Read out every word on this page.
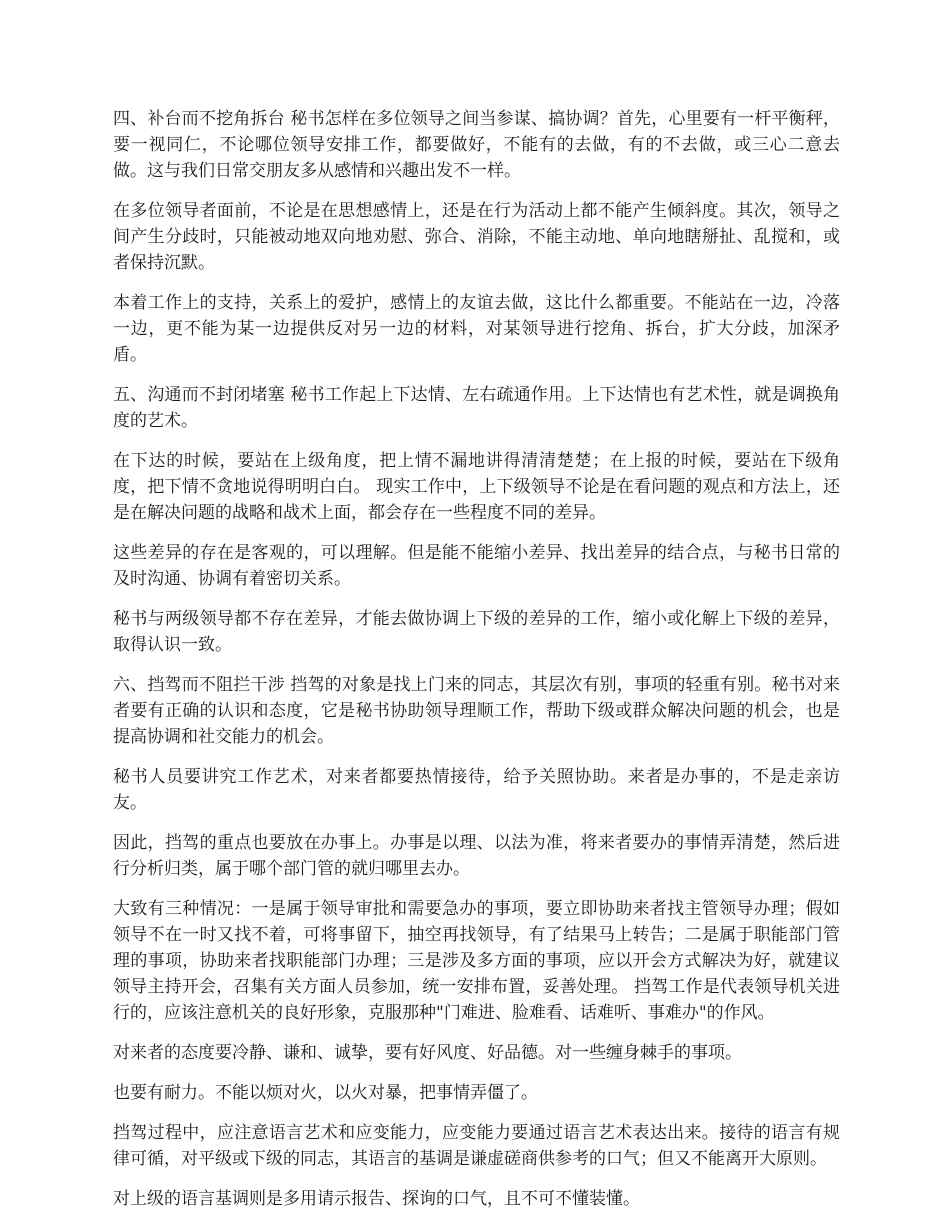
四、补台而不挖角拆台 秘书怎样在多位领导之间当参谋、搞协调？首先，心里要有一杆平衡秤，要一视同仁，不论哪位领导安排工作，都要做好，不能有的去做，有的不去做，或三心二意去做。这与我们日常交朋友多从感情和兴趣出发不一样。

在多位领导者面前，不论是在思想感情上，还是在行为活动上都不能产生倾斜度。其次，领导之间产生分歧时，只能被动地双向地劝慰、弥合、消除，不能主动地、单向地瞎掰扯、乱搅和，或者保持沉默。

本着工作上的支持，关系上的爱护，感情上的友谊去做，这比什么都重要。不能站在一边，冷落一边，更不能为某一边提供反对另一边的材料，对某领导进行挖角、拆台，扩大分歧，加深矛盾。

五、沟通而不封闭堵塞 秘书工作起上下达情、左右疏通作用。上下达情也有艺术性，就是调换角度的艺术。

在下达的时候，要站在上级角度，把上情不漏地讲得清清楚楚；在上报的时候，要站在下级角度，把下情不贪地说得明明白白。 现实工作中，上下级领导不论是在看问题的观点和方法上，还是在解决问题的战略和战术上面，都会存在一些程度不同的差异。

这些差异的存在是客观的，可以理解。但是能不能缩小差异、找出差异的结合点，与秘书日常的及时沟通、协调有着密切关系。

秘书与两级领导都不存在差异，才能去做协调上下级的差异的工作，缩小或化解上下级的差异，取得认识一致。

六、挡驾而不阻拦干涉 挡驾的对象是找上门来的同志，其层次有别，事项的轻重有别。秘书对来者要有正确的认识和态度，它是秘书协助领导理顺工作，帮助下级或群众解决问题的机会，也是提高协调和社交能力的机会。

秘书人员要讲究工作艺术，对来者都要热情接待，给予关照协助。来者是办事的，不是走亲访友。

因此，挡驾的重点也要放在办事上。办事是以理、以法为准，将来者要办的事情弄清楚，然后进行分析归类，属于哪个部门管的就归哪里去办。

大致有三种情况：一是属于领导审批和需要急办的事项，要立即协助来者找主管领导办理；假如领导不在一时又找不着，可将事留下，抽空再找领导，有了结果马上转告；二是属于职能部门管理的事项，协助来者找职能部门办理；三是涉及多方面的事项，应以开会方式解决为好，就建议领导主持开会，召集有关方面人员参加，统一安排布置，妥善处理。 挡驾工作是代表领导机关进行的，应该注意机关的良好形象，克服那种"门难进、脸难看、话难听、事难办"的作风。

对来者的态度要冷静、谦和、诚挚，要有好风度、好品德。对一些缠身棘手的事项。

也要有耐力。不能以烦对火，以火对暴，把事情弄僵了。

挡驾过程中，应注意语言艺术和应变能力，应变能力要通过语言艺术表达出来。接待的语言有规律可循，对平级或下级的同志，其语言的基调是谦虚磋商供参考的口气；但又不能离开大原则。

对上级的语言基调则是多用请示报告、探询的口气，且不可不懂装懂。
